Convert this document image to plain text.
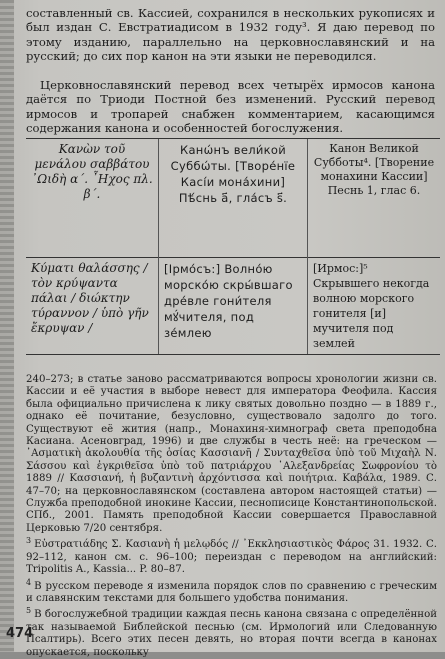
составленный св. Кассией, сохранился в нескольких рукописях и был издан С. Евстратиадисом в 1932 году³. Я даю перевод по этому изданию, параллельно на церковнославянский и на русский; до сих пор канон на эти языки не переводился.

Церковнославянский перевод всех четырёх ирмосов канона даётся по Триоди Постной без изменений. Русский перевод ирмосов и тропарей снабжен комментарием, касающимся содержания канона и особенностей богослужения.

Κανὼν τοῦ μενάλου σαββάτου ᾿Ωιδὴ α´. ῏Ηχος πλ. β´.	Канѡ́нъ вели́кой Суббѡ́ты. [Творе́нїе Касі́и мона́хини] Пѣ́снь а҃, гла́съ ѕ҃.	Канон Великой Субботы⁴. [Творение монахини Кассии] Песнь 1, глас 6.
Κύματι θαλάσσης / τὸν κρύψαντα πάλαι / διώκτην τύραννον / ὑπὸ γῆν ἔκρυψαν /	[Ірмо́съ:] Волно́ю морско́ю скры́вшаго дре́вле гони́теля мꙋ́чителя, под зе́млею	[Ирмос:]⁵ Скрывшего некогда волною морского гонителя [и] мучителя под землей

240–273; в статье заново рассматриваются вопросы хронологии жизни св. Кассии и её участия в выборе невест для императора Феофила. Кассия была официально причислена к лику святых довольно поздно — в 1889 г., однако её почитание, безусловно, существовало задолго до того. Существуют её жития (напр., Монахиня-химнограф света преподобна Касиана. Асеновград, 1996) и две службы в честь неё: на греческом — ᾿Ασματικὴ ἀκολουθία τῆς ὁσίας Κασσιανῆ / Συνταχθεῖσα ὑπὸ τοῦ Μιχαὴλ Ν. Σάσσου καὶ ἐγκριθεῖσα ὑπὸ τοῦ πατριάρχου ᾿Αλεξανδρείας Σωφρονίου τὸ 1889 // Κασσιανή, ἡ βυζαντινὴ ἀρχόντισσα καὶ ποιήτρια. Καβάλα, 1989. С. 47–70; на церковнославянском (составлена автором настоящей статьи) — Служба преподобной инокине Кассии, песнописице Константинопольской. СПб., 2001. Память преподобной Кассии совершается Православной Церковью 7/20 сентября.

$^3$ Εὐστρατιάδης Σ. Κασιανὴ ἡ μελῳδός // ᾿Εκκλησιαστικὸς Φάρος 31. 1932. С. 92–112, канон см. с. 96–100; переиздан с переводом на английский: Tripolitis A., Kassia... P. 80–87.

$^4$ В русском переводе я изменила порядок слов по сравнению с греческим и славянским текстами для большего удобства понимания.

$^5$ В богослужебной традиции каждая песнь канона связана с определённой так называемой Библейской песнью (см. Ирмологий или Следованную Псалтирь). Всего этих песен девять, но вторая почти всегда в канонах опускается, поскольку

474
